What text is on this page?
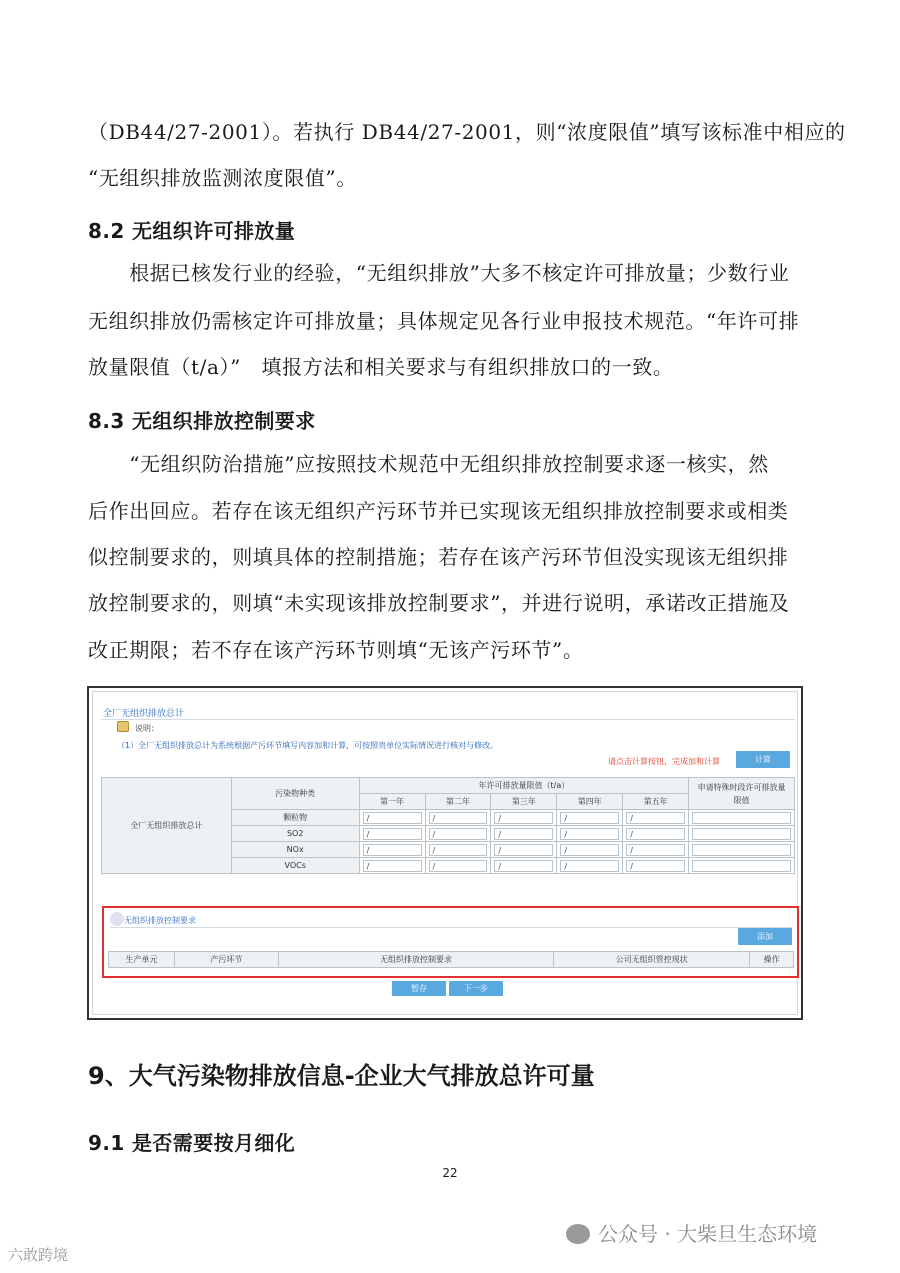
（DB44/27-2001）。若执行 DB44/27-2001，则“浓度限值”填写该标准中相应的
“无组织排放监测浓度限值”。
8.2 无组织许可排放量
　　根据已核发行业的经验，“无组织排放”大多不核定许可排放量；少数行业
无组织排放仍需核定许可排放量；具体规定见各行业申报技术规范。“年许可排
放量限值（t/a）”　填报方法和相关要求与有组织排放口的一致。
8.3 无组织排放控制要求
　　“无组织防治措施”应按照技术规范中无组织排放控制要求逐一核实，然
后作出回应。若存在该无组织产污环节并已实现该无组织排放控制要求或相类
似控制要求的，则填具体的控制措施；若存在该产污环节但没实现该无组织排
放控制要求的，则填“未实现该排放控制要求”，并进行说明，承诺改正措施及
改正期限；若不存在该产污环节则填“无该产污环节”。
全厂无组织排放总计
说明：
（1）全厂无组织排放总计为系统根据产污环节填写内容加和计算，可按照贵单位实际情况进行核对与修改。
请点击计算按钮，完成加和计算	计算
全厂无组织排放总计	污染物种类	年许可排放量限值（t/a）					申请特殊时段许可排放量限值
		第一年	第二年	第三年	第四年	第五年	
	颗粒物	/	/	/	/	/	

	SO2	/	/	/	/	/	

	NOx	/	/	/	/	/	

	VOCs	/	/	/	/	/	

无组织排放控制要求
添加
生产单元	产污环节	无组织排放控制要求	公司无组织管控现状	操作
暂存	下一步
9、大气污染物排放信息-企业大气排放总许可量
9.1 是否需要按月细化
22
公众号 · 大柴旦生态环境
六敢跨境
